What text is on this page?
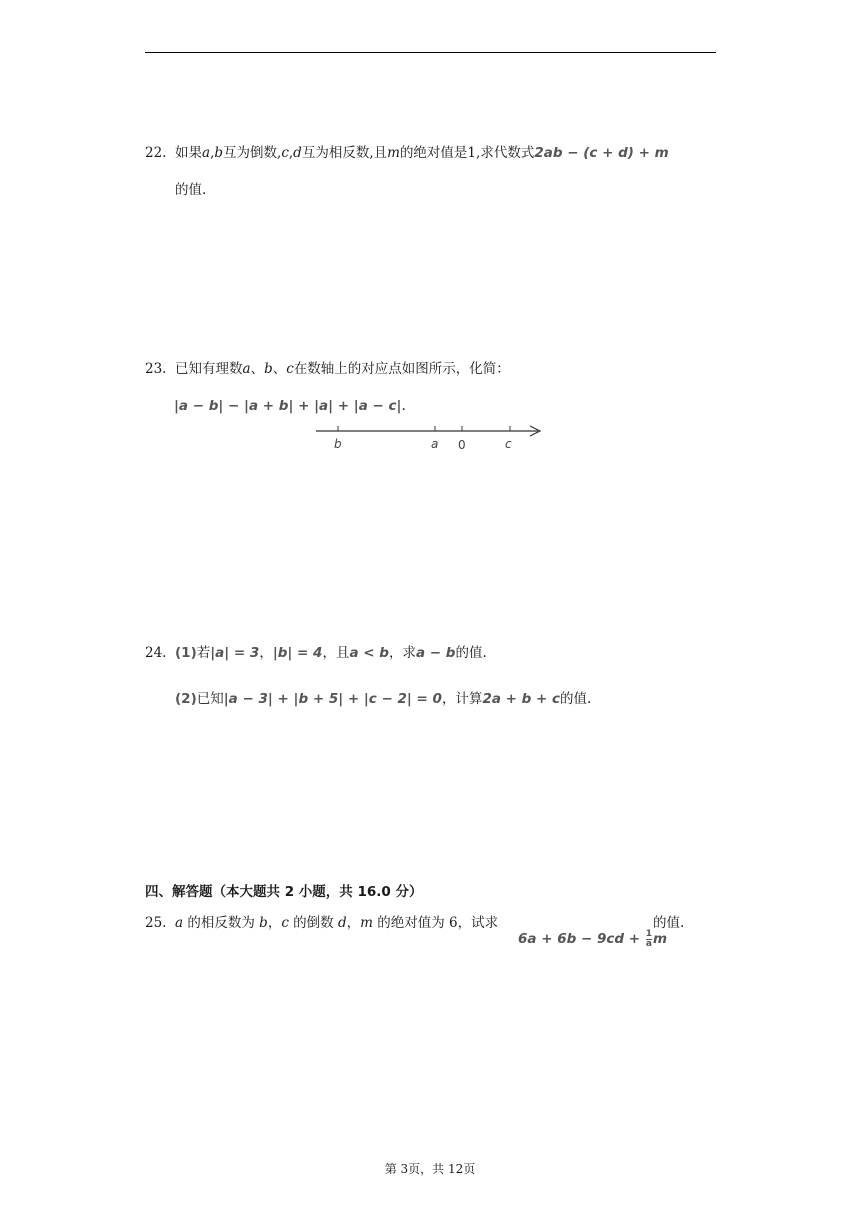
22. 如果a,b互为倒数,c,d互为相反数,且m的绝对值是1,求代数式2ab − (c + d) + m
的值.
23. 已知有理数a、b、c在数轴上的对应点如图所示，化简：
|a − b| − |a + b| + |a| + |a − c|.
b	a 0	c
24. (1)若|a| = 3，|b| = 4，且a < b，求a − b的值.
(2)已知|a − 3| + |b + 5| + |c − 2| = 0，计算2a + b + c的值.
四、解答题（本大题共 2 小题，共 16.0 分）
25. a 的相反数为 b，c 的倒数 d，m 的绝对值为 6，试求
$6a + 6b - 9cd + \frac{1}{a}$ m
的值.
第 3页，共 12页
